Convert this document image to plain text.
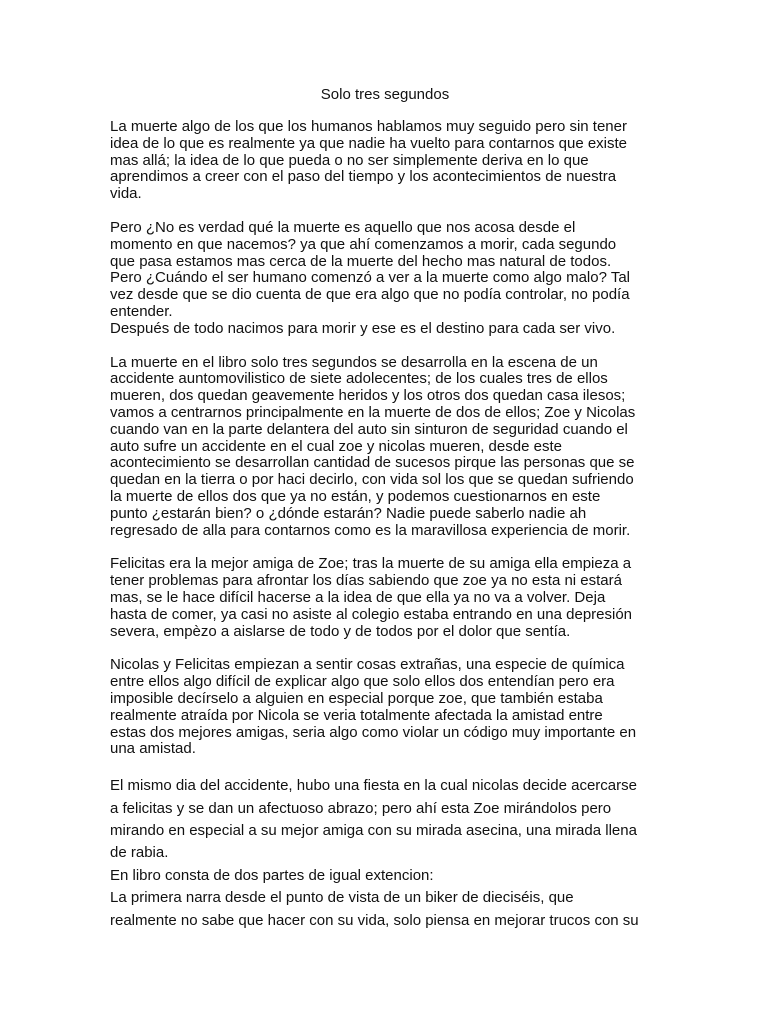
Solo tres segundos
La muerte algo de los que los humanos hablamos muy seguido pero sin tener
idea de lo que es realmente ya que nadie ha vuelto para contarnos que existe
mas allá; la idea de lo que pueda o no ser simplemente deriva en lo que
aprendimos a creer con el paso del tiempo y los acontecimientos de nuestra
vida.
Pero ¿No es verdad qué la muerte es aquello que nos acosa desde el
momento en que nacemos? ya que ahí comenzamos a morir, cada segundo
que pasa estamos mas cerca de la muerte del hecho mas natural de todos.
Pero ¿Cuándo el ser humano comenzó a ver a la muerte como algo malo? Tal
vez desde que se dio cuenta de que era algo que no podía controlar, no podía
entender.
Después de todo nacimos para morir y ese es el destino para cada ser vivo.
La muerte en el libro solo tres segundos se desarrolla en la escena de un
accidente auntomovilistico de siete adolecentes; de los cuales tres de ellos
mueren, dos quedan geavemente heridos y los otros dos quedan casa ilesos;
vamos a centrarnos principalmente en la muerte de dos de ellos; Zoe y Nicolas
cuando van en la parte delantera del auto sin sinturon de seguridad cuando el
auto sufre un accidente en el cual zoe y nicolas mueren, desde este
acontecimiento se desarrollan cantidad de sucesos pirque las personas que se
quedan en la tierra o por haci decirlo, con vida sol los que se quedan sufriendo
la muerte de ellos dos que ya no están, y podemos cuestionarnos en este
punto ¿estarán bien? o ¿dónde estarán? Nadie puede saberlo nadie ah
regresado de alla para contarnos como es la maravillosa experiencia de morir.
Felicitas era la mejor amiga de Zoe; tras la muerte de su amiga ella empieza a
tener problemas para afrontar los días sabiendo que zoe ya no esta ni estará
mas, se le hace difícil hacerse a la idea de que ella ya no va a volver. Deja
hasta de comer, ya casi no asiste al colegio estaba entrando en una depresión
severa, empèzo a aislarse de todo y de todos por el dolor que sentía.
Nicolas y Felicitas empiezan a sentir cosas extrañas, una especie de química
entre ellos algo difícil de explicar algo que solo ellos dos entendían pero era
imposible decírselo a alguien en especial porque zoe, que también estaba
realmente atraída por Nicola se veria totalmente afectada la amistad entre
estas dos mejores amigas, seria algo como violar un código muy importante en
una amistad.
El mismo dia del accidente, hubo una fiesta en la cual nicolas decide acercarse
a felicitas y se dan un afectuoso abrazo; pero ahí esta Zoe mirándolos pero
mirando en especial a su mejor amiga con su mirada asecina, una mirada llena
de rabia.
En libro consta de dos partes de igual extencion:
La primera narra desde el punto de vista de un biker de dieciséis, que
realmente no sabe que hacer con su vida, solo piensa en mejorar trucos con su
